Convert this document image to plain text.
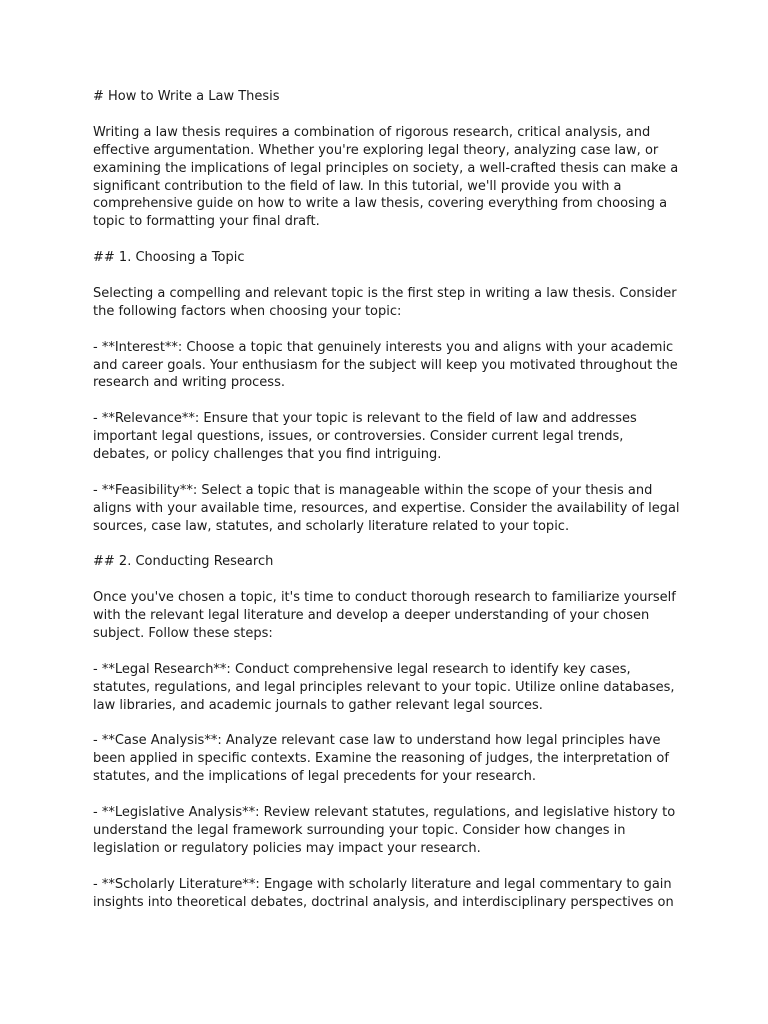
# How to Write a Law Thesis

Writing a law thesis requires a combination of rigorous research, critical analysis, and effective argumentation. Whether you're exploring legal theory, analyzing case law, or examining the implications of legal principles on society, a well-crafted thesis can make a significant contribution to the field of law. In this tutorial, we'll provide you with a comprehensive guide on how to write a law thesis, covering everything from choosing a topic to formatting your final draft.

## 1. Choosing a Topic

Selecting a compelling and relevant topic is the first step in writing a law thesis. Consider the following factors when choosing your topic:

- **Interest**: Choose a topic that genuinely interests you and aligns with your academic and career goals. Your enthusiasm for the subject will keep you motivated throughout the research and writing process.

- **Relevance**: Ensure that your topic is relevant to the field of law and addresses important legal questions, issues, or controversies. Consider current legal trends, debates, or policy challenges that you find intriguing.

- **Feasibility**: Select a topic that is manageable within the scope of your thesis and aligns with your available time, resources, and expertise. Consider the availability of legal sources, case law, statutes, and scholarly literature related to your topic.

## 2. Conducting Research

Once you've chosen a topic, it's time to conduct thorough research to familiarize yourself with the relevant legal literature and develop a deeper understanding of your chosen subject. Follow these steps:

- **Legal Research**: Conduct comprehensive legal research to identify key cases, statutes, regulations, and legal principles relevant to your topic. Utilize online databases, law libraries, and academic journals to gather relevant legal sources.

- **Case Analysis**: Analyze relevant case law to understand how legal principles have been applied in specific contexts. Examine the reasoning of judges, the interpretation of statutes, and the implications of legal precedents for your research.

- **Legislative Analysis**: Review relevant statutes, regulations, and legislative history to understand the legal framework surrounding your topic. Consider how changes in legislation or regulatory policies may impact your research.

- **Scholarly Literature**: Engage with scholarly literature and legal commentary to gain insights into theoretical debates, doctrinal analysis, and interdisciplinary perspectives on
